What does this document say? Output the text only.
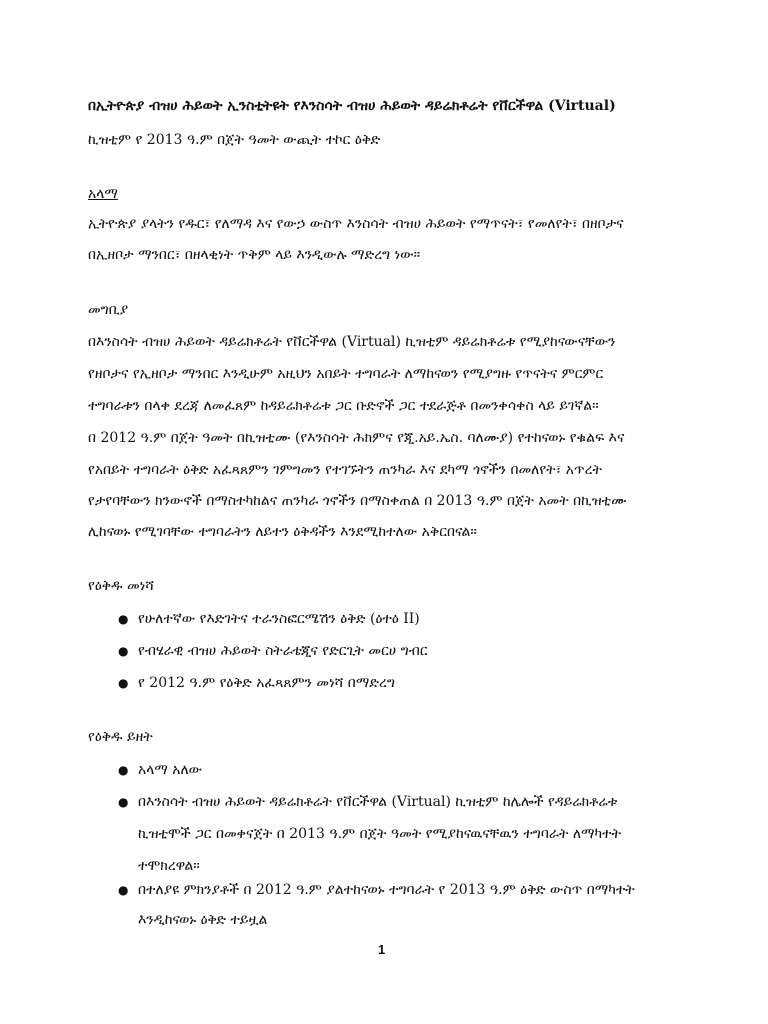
በኢትዮጵያ ብዝሀ ሕይወት ኢንስቲትዩት የእንስሳት ብዝሀ ሕይወት ዳይሬክቶሬት የቨርችዋል (Virtual)
ኪዝቲም የ 2013 ዓ.ም በጀት ዓመት ውጪት ተኮር ዕቅድ
አላማ
ኢትዮጵያ ያላትን የዱር፣ የለማዳ እና የውኃ ውስጥ እንስሳት ብዝሀ ሕይወት የማጥናት፣ የመለየት፣ በዘቦታና
በኢዘቦታ ማንበር፣ በዘላቂነት ጥቅም ላይ እንዲውሉ ማድረግ ነው።
መግቢያ
በእንስሳት ብዝሀ ሕይወት ዳይሬክቶሬት የቨርችዋል (Virtual) ኪዝቲም ዳይሬክቶሬቱ የሚያከናውናቸውን
የዘቦታና የኢዘቦታ ማንበር እንዲሁም አዚህን አበይት ተግባራት ለማከናወን የሚያግዙ የጥናትና ምርምር
ተግባራቱን በላቀ ደረጃ ለመፈጸም ከዳይሬክቶሬቱ ጋር ቡድኖች ጋር ተደራጅቶ በመንቀሳቀስ ላይ ይገኛል።
በ 2012 ዓ.ም በጀት ዓመት በኪዝቲሙ (የእንስሳት ሕክምና የጂ.አይ.ኤስ. ባለሙያ) የተከናወኑ የቁልፍ እና
የአበይት ተግባራት ዕቅድ አፈጻጸምን ገምግመን የተገኙትን ጠንካራ እና ደካማ ጎኖችን በመለየት፣ አጥረት
የታየባቸውን ክንውኖች በማስተካከልና ጠንካራ ጎኖችን በማስቀጠል በ 2013 ዓ.ም በጀት አመት በኪዝቲሙ
ሊከናወኑ የሚገባቸው ተግባራትን ለይተን ዕቅዳችን እንደሚከተለው አቅርበናል።
የዕቅዱ መነሻ
● የሁለተኛው የእድገትና ተራንስፎርሜሽን ዕቅድ (ዕተዕ II)
● የብሄራዊ ብዝሀ ሕይወት ስትራቴጂና የድርጊት መርሀ ግብር
● የ 2012 ዓ.ም የዕቅድ አፈጻጸምን መነሻ በማድረግ
የዕቅዱ ይዘት
● አላማ አለው
● በእንስሳት ብዝሀ ሕይወት ዳይሬክቶሬት የቨርችዋል (Virtual) ኪዝቲም ከሌሎች የዳይሬክቶሬቱ
ኪዝቲሞች ጋር በመቀናጀት በ 2013 ዓ.ም በጀት ዓመት የሚያከናዉናቸዉን ተግባራት ለማካተት
ተሞክረዋል።
● በተለያዩ ምክንያቶች በ 2012 ዓ.ም ያልተከናወኑ ተግባራት የ 2013 ዓ.ም ዕቅድ ውስጥ በማካተት
እንዲከናወኑ ዕቅድ ተይዟል
1
